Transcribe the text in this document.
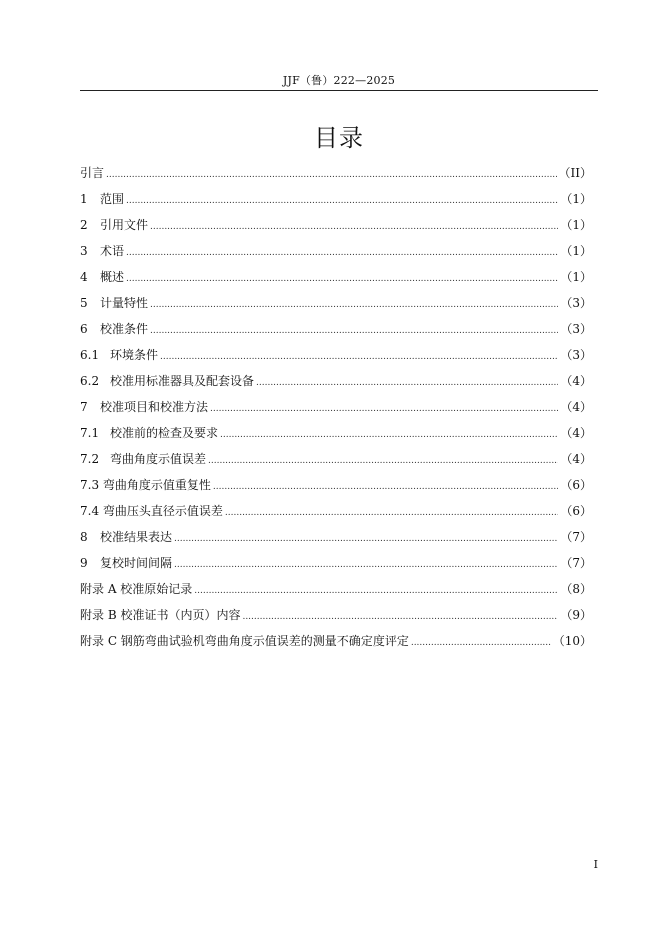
JJF（鲁）222—2025
目录
引言 .....	（II）
1	范围 .....	（1）
2	引用文件 .....	（1）
3	术语 .....	（1）
4	概述 .....	（1）
5	计量特性 .....	（3）
6	校准条件 .....	（3）
6.1 环境条件 .....	（3）
6.2 校准用标准器具及配套设备 .....	（4）
7	校准项目和校准方法 .....	（4）
7.1 校准前的检查及要求 .....	（4）
7.2 弯曲角度示值误差 .....	（4）
7.3 弯曲角度示值重复性 .....	（6）
7.4 弯曲压头直径示值误差 .....	（6）
8	校准结果表达 .....	（7）
9	复校时间间隔 .....	（7）
附录 A 校准原始记录 .....	（8）
附录 B 校准证书（内页）内容 .....	（9）
附录 C 钢筋弯曲试验机弯曲角度示值误差的测量不确定度评定 .....	（10）
I
